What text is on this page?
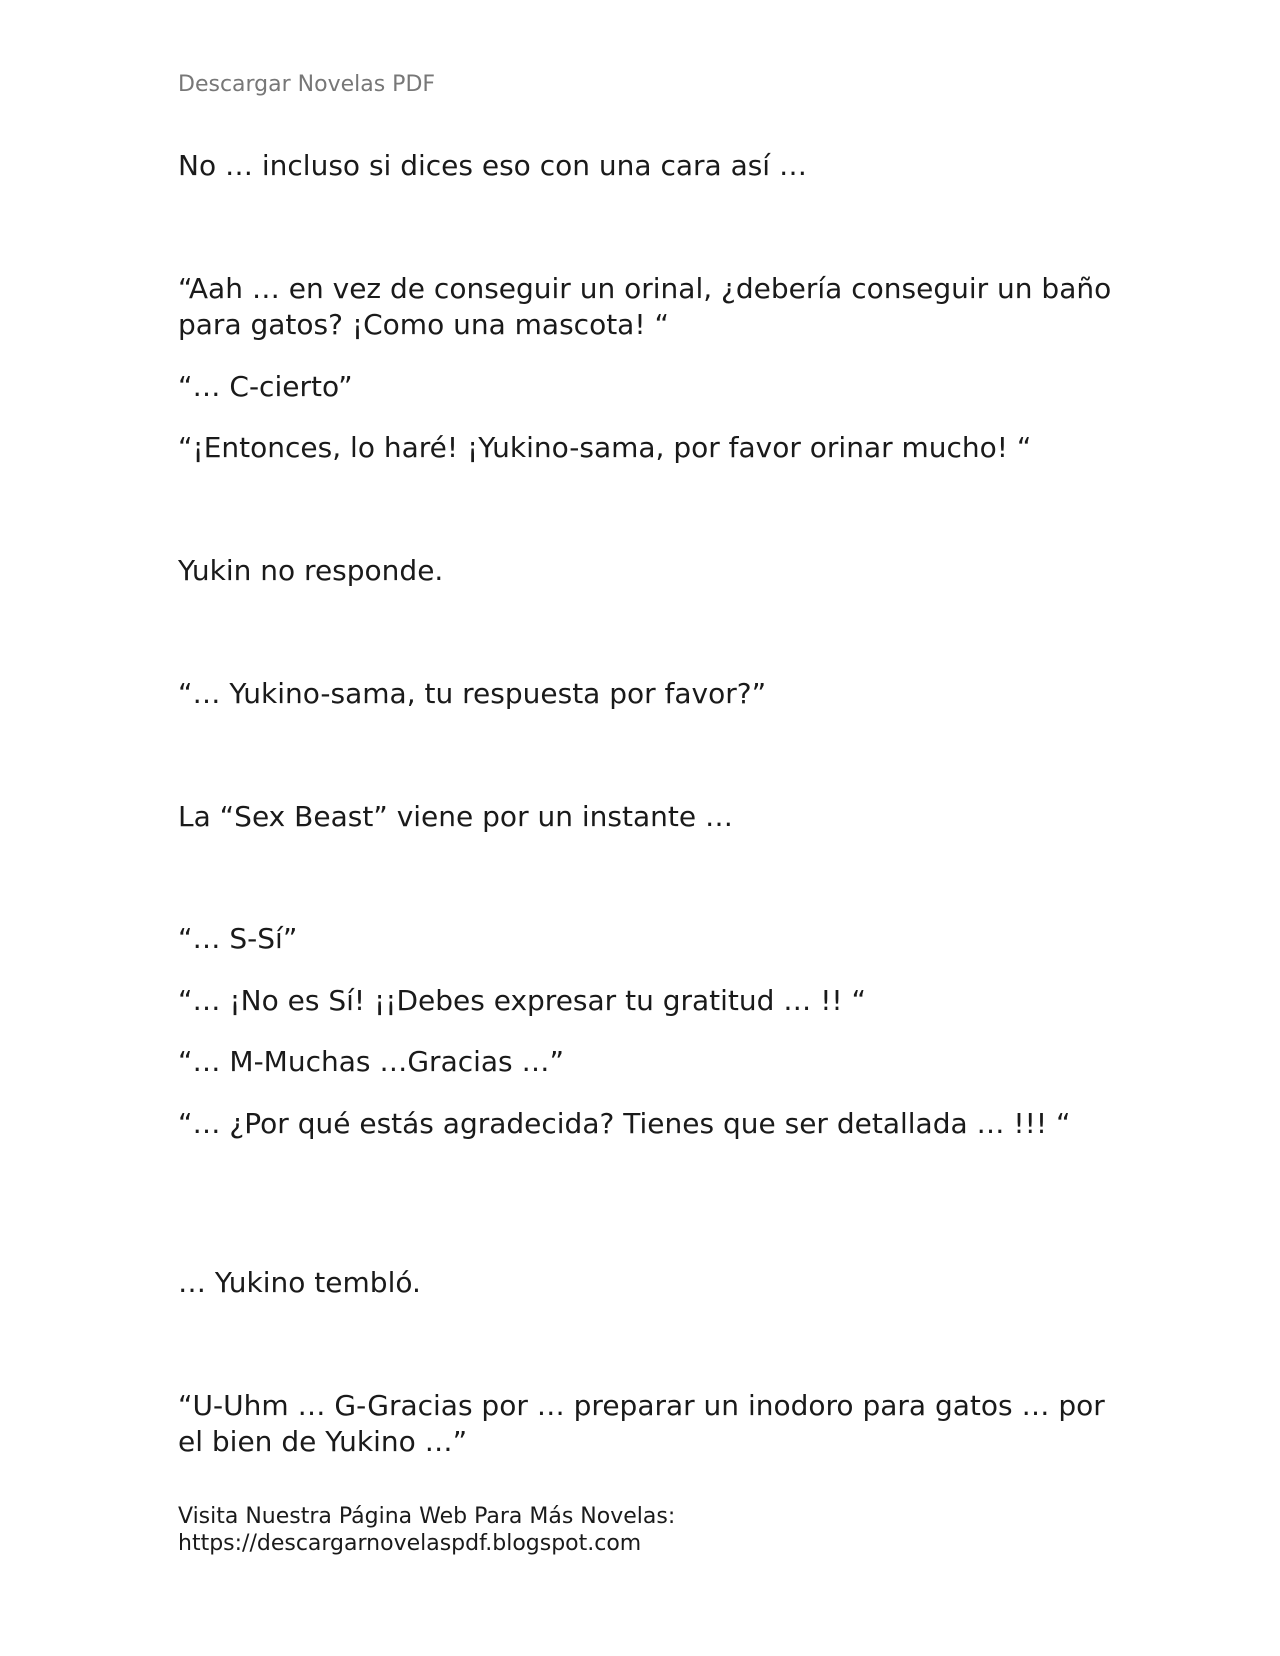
Descargar Novelas PDF

No … incluso si dices eso con una cara así …

“Aah … en vez de conseguir un orinal, ¿debería conseguir un baño para gatos? ¡Como una mascota! “

“… C-cierto”

“¡Entonces, lo haré! ¡Yukino-sama, por favor orinar mucho! “

Yukin no responde.

“… Yukino-sama, tu respuesta por favor?”

La “Sex Beast” viene por un instante …

“… S-Sí”

“… ¡No es Sí! ¡¡Debes expresar tu gratitud … !! “

“… M-Muchas …Gracias …”

“… ¿Por qué estás agradecida? Tienes que ser detallada … !!! “

… Yukino tembló.

“U-Uhm … G-Gracias por … preparar un inodoro para gatos … por el bien de Yukino …”

Visita Nuestra Página Web Para Más Novelas:
https://descargarnovelaspdf.blogspot.com
